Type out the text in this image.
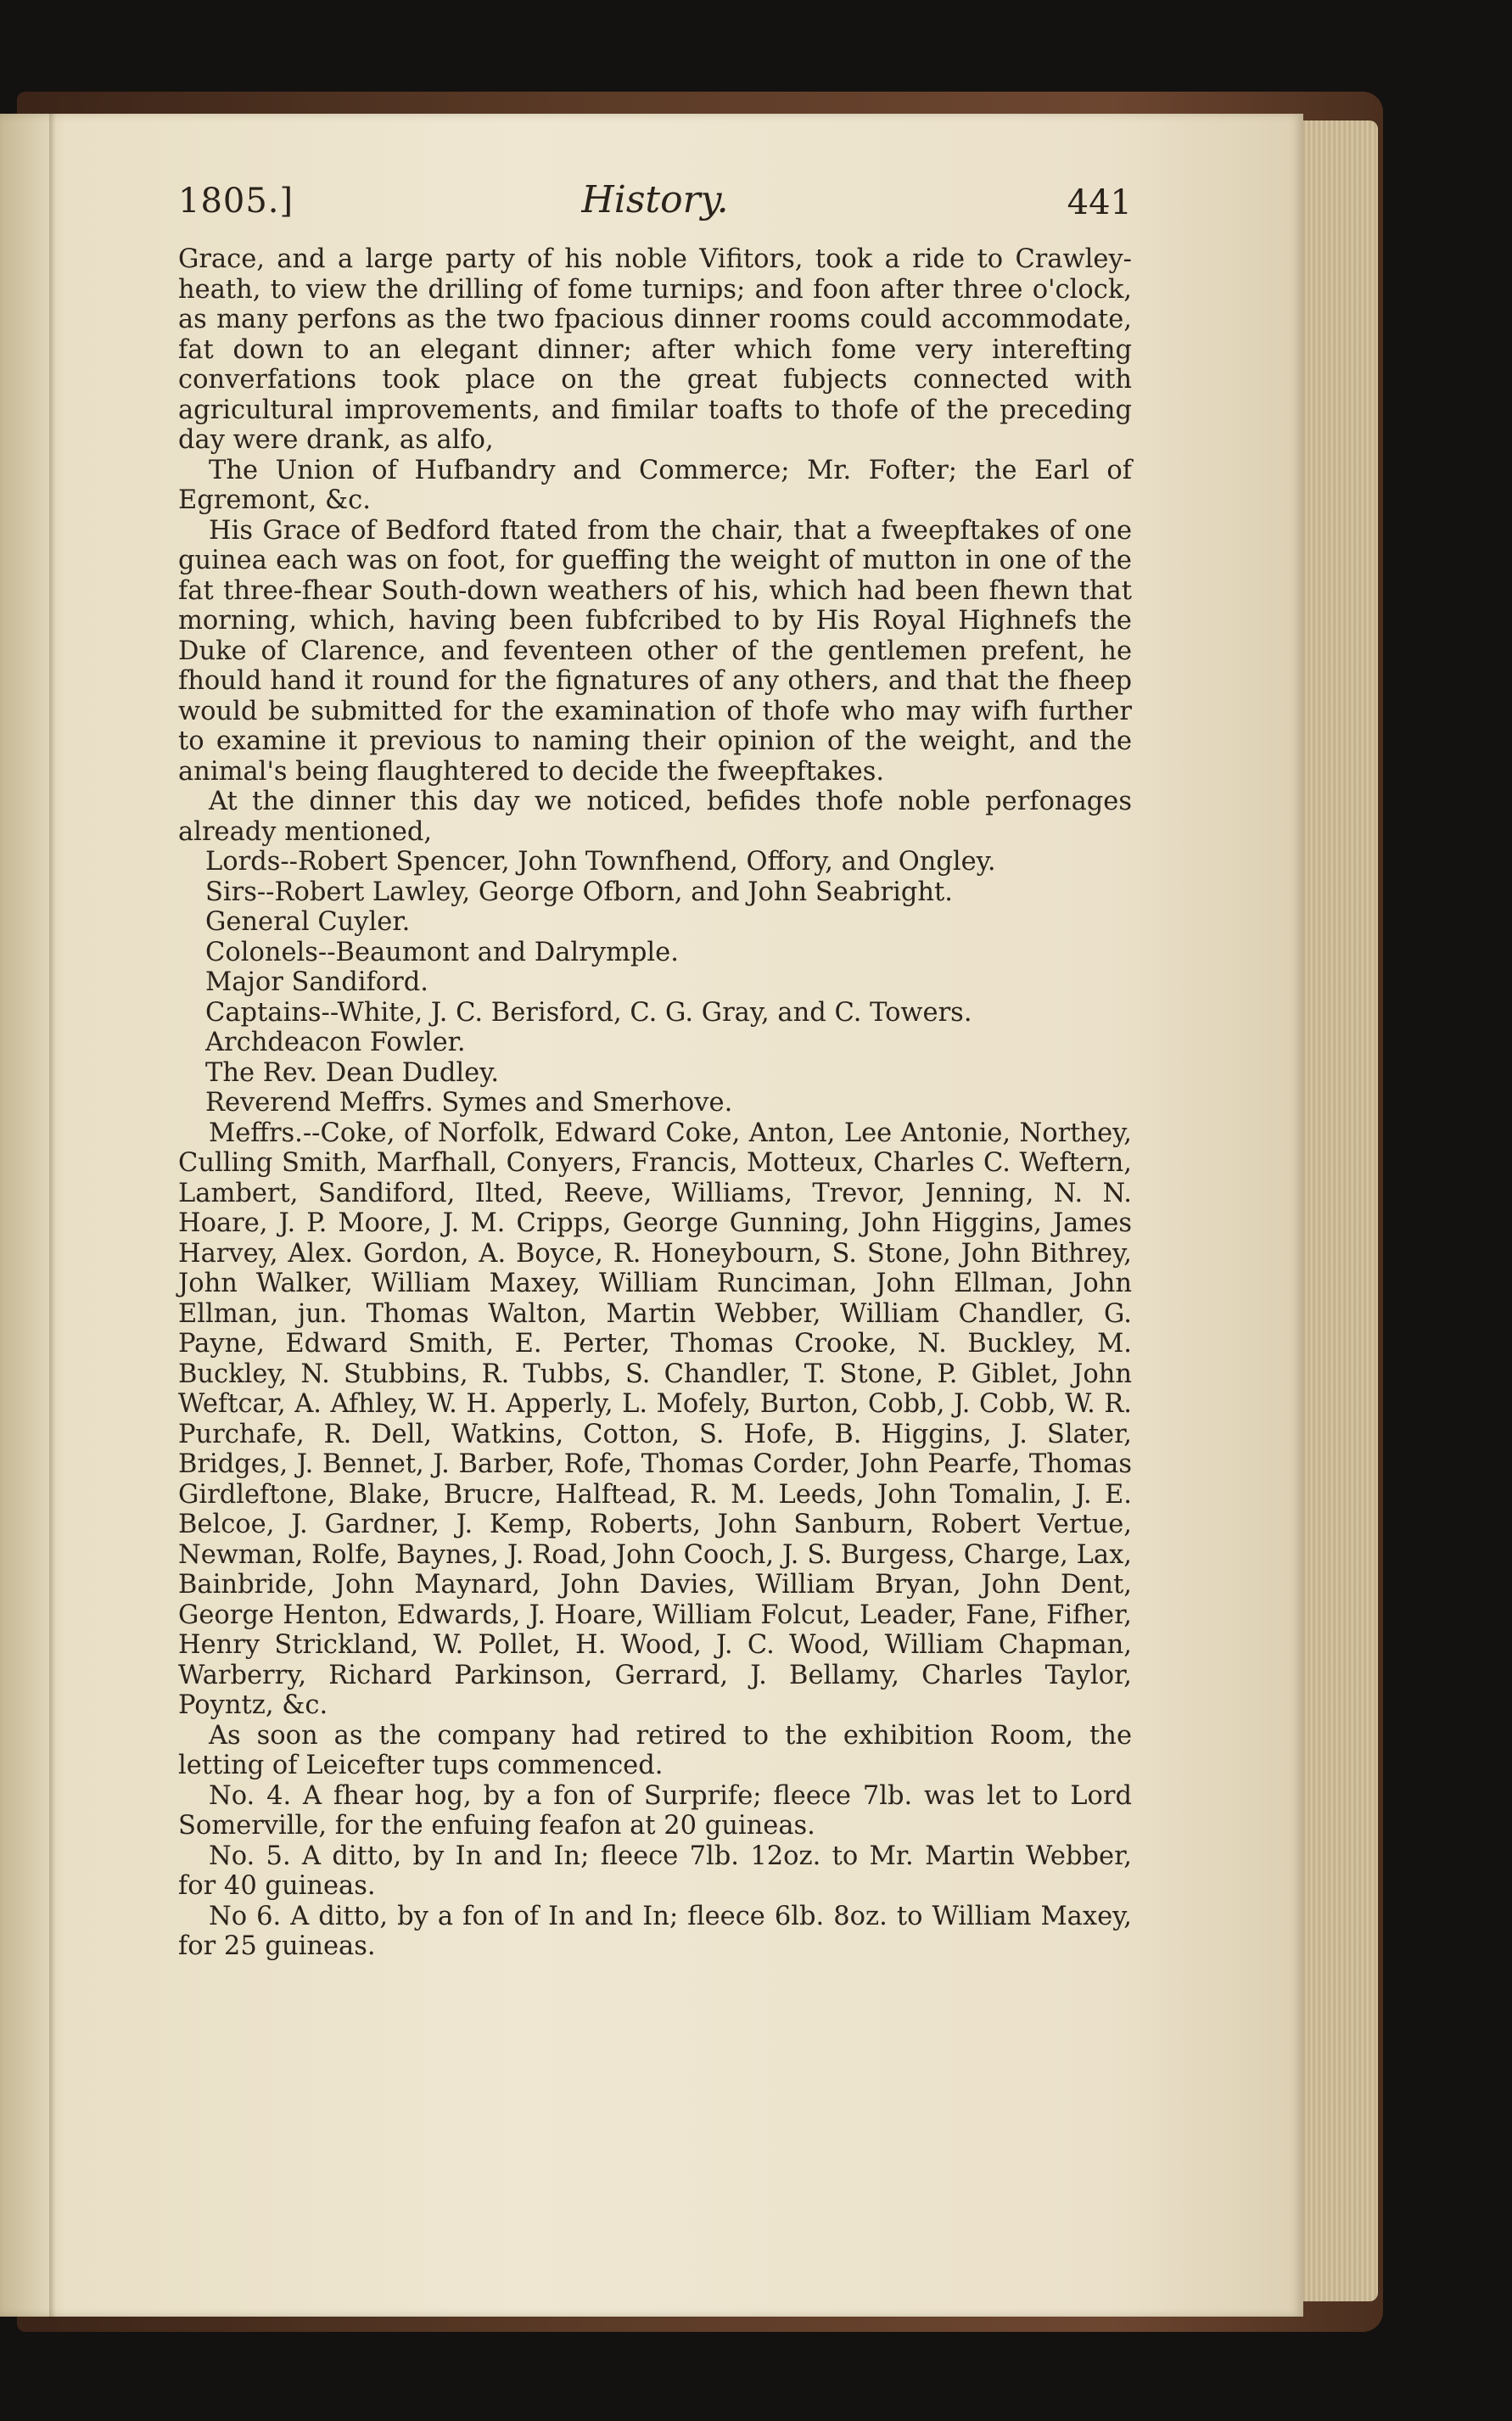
1805.]	History.	441

Grace, and a large party of his noble Vifitors, took a ride to Crawley-heath, to view the drilling of fome turnips; and foon after three o'clock, as many perfons as the two fpacious dinner rooms could accommodate, fat down to an elegant dinner; after which fome very interefting converfations took place on the great fubjects connected with agricultural improvements, and fimilar toafts to thofe of the preceding day were drank, as alfo,

The Union of Hufbandry and Commerce; Mr. Fofter; the Earl of Egremont, &c.

His Grace of Bedford ftated from the chair, that a fweepftakes of one guinea each was on foot, for gueffing the weight of mutton in one of the fat three-fhear South-down weathers of his, which had been fhewn that morning, which, having been fubfcribed to by His Royal Highnefs the Duke of Clarence, and feventeen other of the gentlemen prefent, he fhould hand it round for the fignatures of any others, and that the fheep would be submitted for the examination of thofe who may wifh further to examine it previous to naming their opinion of the weight, and the animal's being flaughtered to decide the fweepftakes.

At the dinner this day we noticed, befides thofe noble perfonages already mentioned,

Lords--Robert Spencer, John Townfhend, Offory, and Ongley.
Sirs--Robert Lawley, George Ofborn, and John Seabright.
General Cuyler.
Colonels--Beaumont and Dalrymple.
Major Sandiford.
Captains--White, J. C. Berisford, C. G. Gray, and C. Towers.
Archdeacon Fowler.
The Rev. Dean Dudley.
Reverend Meffrs. Symes and Smerhove.

Meffrs.--Coke, of Norfolk, Edward Coke, Anton, Lee Antonie, Northey, Culling Smith, Marfhall, Conyers, Francis, Motteux, Charles C. Weftern, Lambert, Sandiford, Ilted, Reeve, Williams, Trevor, Jenning, N. N. Hoare, J. P. Moore, J. M. Cripps, George Gunning, John Higgins, James Harvey, Alex. Gordon, A. Boyce, R. Honeybourn, S. Stone, John Bithrey, John Walker, William Maxey, William Runciman, John Ellman, John Ellman, jun. Thomas Walton, Martin Webber, William Chandler, G. Payne, Edward Smith, E. Perter, Thomas Crooke, N. Buckley, M. Buckley, N. Stubbins, R. Tubbs, S. Chandler, T. Stone, P. Giblet, John Weftcar, A. Afhley, W. H. Apperly, L. Mofely, Burton, Cobb, J. Cobb, W. R. Purchafe, R. Dell, Watkins, Cotton, S. Hofe, B. Higgins, J. Slater, Bridges, J. Bennet, J. Barber, Rofe, Thomas Corder, John Pearfe, Thomas Girdleftone, Blake, Brucre, Halftead, R. M. Leeds, John Tomalin, J. E. Belcoe, J. Gardner, J. Kemp, Roberts, John Sanburn, Robert Vertue, Newman, Rolfe, Baynes, J. Road, John Cooch, J. S. Burgess, Charge, Lax, Bainbride, John Maynard, John Davies, William Bryan, John Dent, George Henton, Edwards, J. Hoare, William Folcut, Leader, Fane, Fifher, Henry Strickland, W. Pollet, H. Wood, J. C. Wood, William Chapman, Warberry, Richard Parkinson, Gerrard, J. Bellamy, Charles Taylor, Poyntz, &c.

As soon as the company had retired to the exhibition Room, the letting of Leicefter tups commenced.

No. 4. A fhear hog, by a fon of Surprife; fleece 7lb. was let to Lord Somerville, for the enfuing feafon at 20 guineas.

No. 5. A ditto, by In and In; fleece 7lb. 12oz. to Mr. Martin Webber, for 40 guineas.

No 6. A ditto, by a fon of In and In; fleece 6lb. 8oz. to William Maxey, for 25 guineas.
